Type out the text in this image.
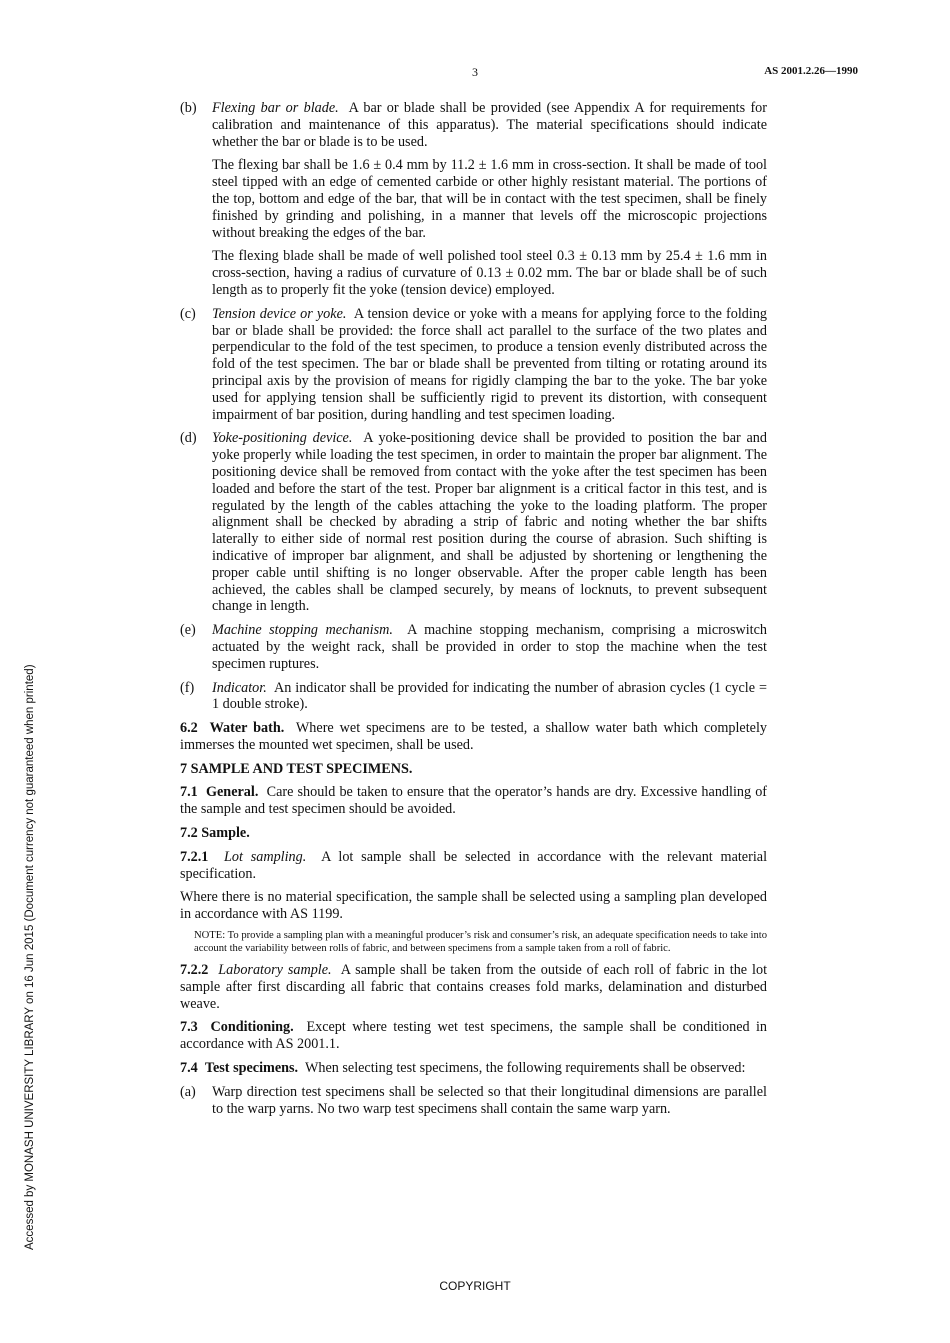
3	AS 2001.2.26—1990
Accessed by MONASH UNIVERSITY LIBRARY on 16 Jun 2015 (Document currency not guaranteed when printed)
(b)	Flexing bar or blade. A bar or blade shall be provided (see Appendix A for requirements for calibration and maintenance of this apparatus). The material specifications should indicate whether the bar or blade is to be used.

The flexing bar shall be 1.6 ± 0.4 mm by 11.2 ± 1.6 mm in cross-section. It shall be made of tool steel tipped with an edge of cemented carbide or other highly resistant material. The portions of the top, bottom and edge of the bar, that will be in contact with the test specimen, shall be finely finished by grinding and polishing, in a manner that levels off the microscopic projections without breaking the edges of the bar.

The flexing blade shall be made of well polished tool steel 0.3 ± 0.13 mm by 25.4 ± 1.6 mm in cross-section, having a radius of curvature of 0.13 ± 0.02 mm. The bar or blade shall be of such length as to properly fit the yoke (tension device) employed.

(c)	Tension device or yoke. A tension device or yoke with a means for applying force to the folding bar or blade shall be provided: the force shall act parallel to the surface of the two plates and perpendicular to the fold of the test specimen, to produce a tension evenly distributed across the fold of the test specimen. The bar or blade shall be prevented from tilting or rotating around its principal axis by the provision of means for rigidly clamping the bar to the yoke. The bar yoke used for applying tension shall be sufficiently rigid to prevent its distortion, with consequent impairment of bar position, during handling and test specimen loading.

(d)	Yoke-positioning device. A yoke-positioning device shall be provided to position the bar and yoke properly while loading the test specimen, in order to maintain the proper bar alignment. The positioning device shall be removed from contact with the yoke after the test specimen has been loaded and before the start of the test. Proper bar alignment is a critical factor in this test, and is regulated by the length of the cables attaching the yoke to the loading platform. The proper alignment shall be checked by abrading a strip of fabric and noting whether the bar shifts laterally to either side of normal rest position during the course of abrasion. Such shifting is indicative of improper bar alignment, and shall be adjusted by shortening or lengthening the proper cable until shifting is no longer observable. After the proper cable length has been achieved, the cables shall be clamped securely, by means of locknuts, to prevent subsequent change in length.

(e)	Machine stopping mechanism. A machine stopping mechanism, comprising a microswitch actuated by the weight rack, shall be provided in order to stop the machine when the test specimen ruptures.

(f)	Indicator. An indicator shall be provided for indicating the number of abrasion cycles (1 cycle = 1 double stroke).

6.2 Water bath. Where wet specimens are to be tested, a shallow water bath which completely immerses the mounted wet specimen, shall be used.

7 SAMPLE AND TEST SPECIMENS.

7.1 General. Care should be taken to ensure that the operator’s hands are dry. Excessive handling of the sample and test specimen should be avoided.

7.2 Sample.

7.2.1 Lot sampling. A lot sample shall be selected in accordance with the relevant material specification.

Where there is no material specification, the sample shall be selected using a sampling plan developed in accordance with AS 1199.

NOTE: To provide a sampling plan with a meaningful producer’s risk and consumer’s risk, an adequate specification needs to take into account the variability between rolls of fabric, and between specimens from a sample taken from a roll of fabric.

7.2.2 Laboratory sample. A sample shall be taken from the outside of each roll of fabric in the lot sample after first discarding all fabric that contains creases fold marks, delamination and disturbed weave.

7.3 Conditioning. Except where testing wet test specimens, the sample shall be conditioned in accordance with AS 2001.1.

7.4 Test specimens. When selecting test specimens, the following requirements shall be observed:

(a)	Warp direction test specimens shall be selected so that their longitudinal dimensions are parallel to the warp yarns. No two warp test specimens shall contain the same warp yarn.

COPYRIGHT
